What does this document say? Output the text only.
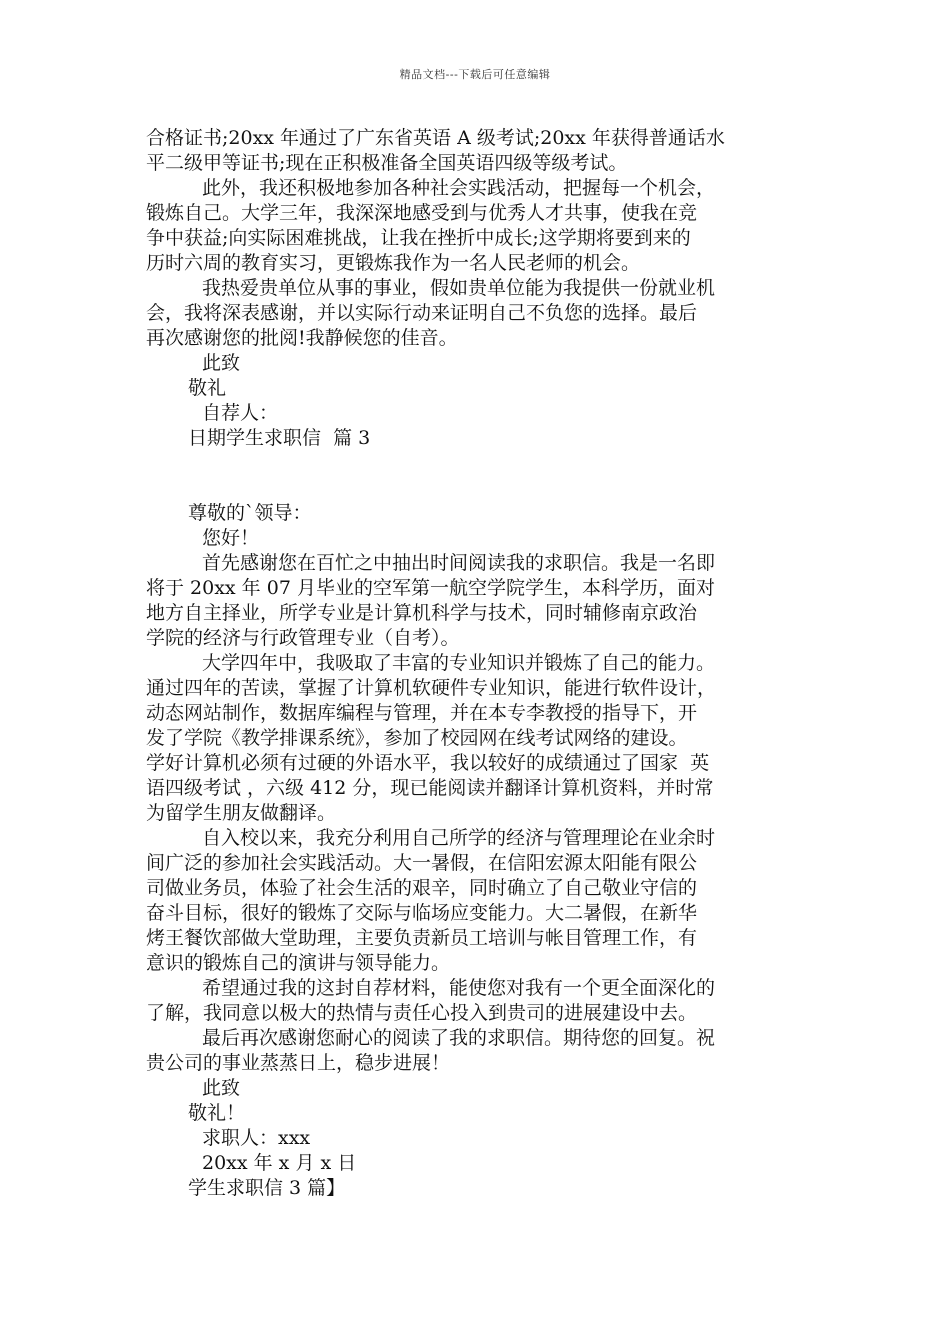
精品文档---下载后可任意编辑
合格证书;20xx 年通过了广东省英语 A 级考试;20xx 年获得普通话水
平二级甲等证书;现在正积极准备全国英语四级等级考试。
此外，我还积极地参加各种社会实践活动，把握每一个机会，
锻炼自己。大学三年，我深深地感受到与优秀人才共事，使我在竞
争中获益;向实际困难挑战，让我在挫折中成长;这学期将要到来的
历时六周的教育实习，更锻炼我作为一名人民老师的机会。
我热爱贵单位从事的事业，假如贵单位能为我提供一份就业机
会，我将深表感谢，并以实际行动来证明自己不负您的选择。最后
再次感谢您的批阅!我静候您的佳音。
此致
敬礼
自荐人：
日期学生求职信  篇 3
尊敬的`领导：
您好！
首先感谢您在百忙之中抽出时间阅读我的求职信。我是一名即
将于 20xx 年 07 月毕业的空军第一航空学院学生，本科学历，面对
地方自主择业，所学专业是计算机科学与技术，同时辅修南京政治
学院的经济与行政管理专业（自考）。
大学四年中，我吸取了丰富的专业知识并锻炼了自己的能力。
通过四年的苦读，掌握了计算机软硬件专业知识，能进行软件设计，
动态网站制作，数据库编程与管理，并在本专李教授的指导下，开
发了学院《教学排课系统》，参加了校园网在线考试网络的建设。
学好计算机必须有过硬的外语水平，我以较好的成绩通过了国家  英
语四级考试 ，六级 412 分，现已能阅读并翻译计算机资料，并时常
为留学生朋友做翻译。
自入校以来，我充分利用自己所学的经济与管理理论在业余时
间广泛的参加社会实践活动。大一暑假，在信阳宏源太阳能有限公
司做业务员，体验了社会生活的艰辛，同时确立了自己敬业守信的
奋斗目标，很好的锻炼了交际与临场应变能力。大二暑假，在新华
烤王餐饮部做大堂助理，主要负责新员工培训与帐目管理工作，有
意识的锻炼自己的演讲与领导能力。
希望通过我的这封自荐材料，能使您对我有一个更全面深化的
了解，我同意以极大的热情与责任心投入到贵司的进展建设中去。
最后再次感谢您耐心的阅读了我的求职信。期待您的回复。祝
贵公司的事业蒸蒸日上，稳步进展！
此致
敬礼！
求职人：xxx
20xx 年 x 月 x 日
学生求职信 3 篇】
